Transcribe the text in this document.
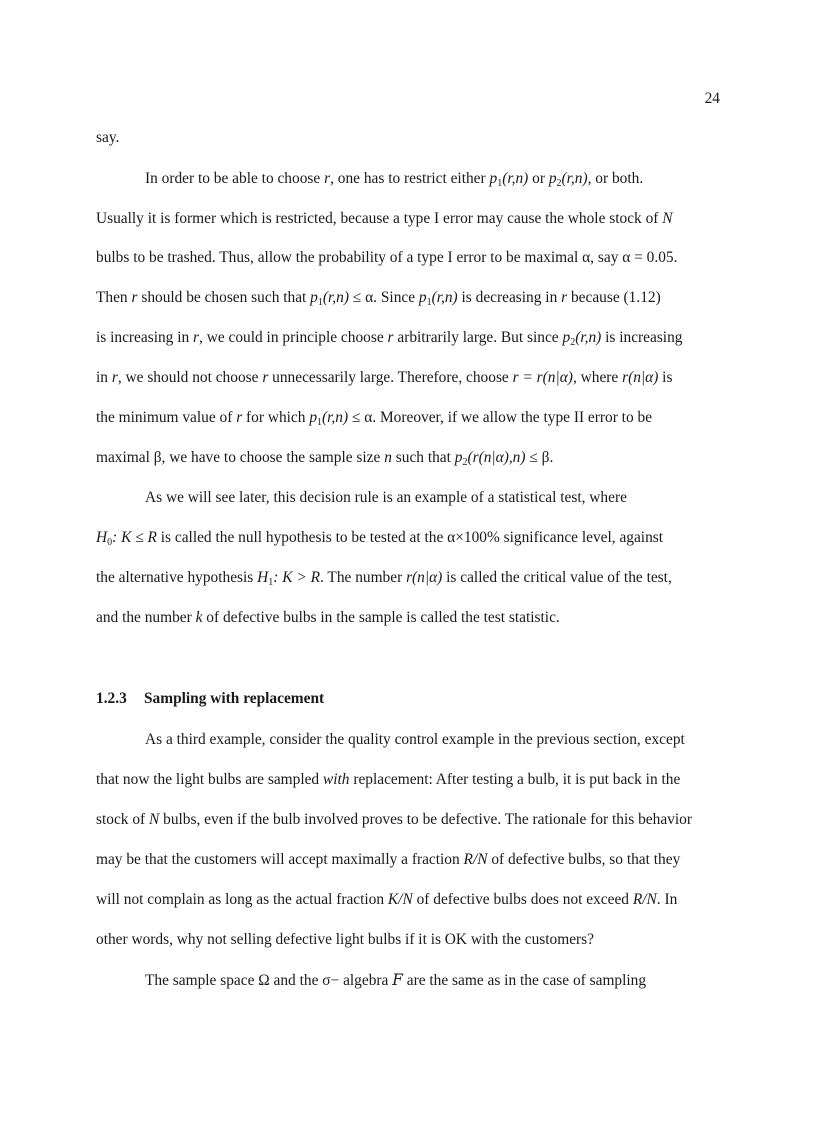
24
say.
In order to be able to choose r, one has to restrict either $p_1(r,n)$ or $p_2(r,n)$, or both.
Usually it is former which is restricted, because a type I error may cause the whole stock of N
bulbs to be trashed. Thus, allow the probability of a type I error to be maximal α, say α = 0.05.
Then r should be chosen such that $p_1(r,n) \le \alpha$. Since $p_1(r,n)$ is decreasing in r because (1.12)
is increasing in r, we could in principle choose r arbitrarily large. But since $p_2(r,n)$ is increasing
in r, we should not choose r unnecessarily large. Therefore, choose r = r(n|α), where r(n|α) is
the minimum value of r for which $p_1(r,n) \le \alpha$. Moreover, if we allow the type II error to be
maximal β, we have to choose the sample size n such that $p_2(r(n|\alpha),n) \le \beta$.
As we will see later, this decision rule is an example of a statistical test, where
$H_0$: K ≤ R is called the null hypothesis to be tested at the α×100% significance level, against
the alternative hypothesis $H_1$: K > R. The number r(n|α) is called the critical value of the test,
and the number k of defective bulbs in the sample is called the test statistic.
1.2.3 Sampling with replacement
As a third example, consider the quality control example in the previous section, except
that now the light bulbs are sampled with replacement: After testing a bulb, it is put back in the
stock of N bulbs, even if the bulb involved proves to be defective. The rationale for this behavior
may be that the customers will accept maximally a fraction R/N of defective bulbs, so that they
will not complain as long as the actual fraction K/N of defective bulbs does not exceed R/N. In
other words, why not selling defective light bulbs if it is OK with the customers?
The sample space Ω and the σ− algebra F are the same as in the case of sampling
